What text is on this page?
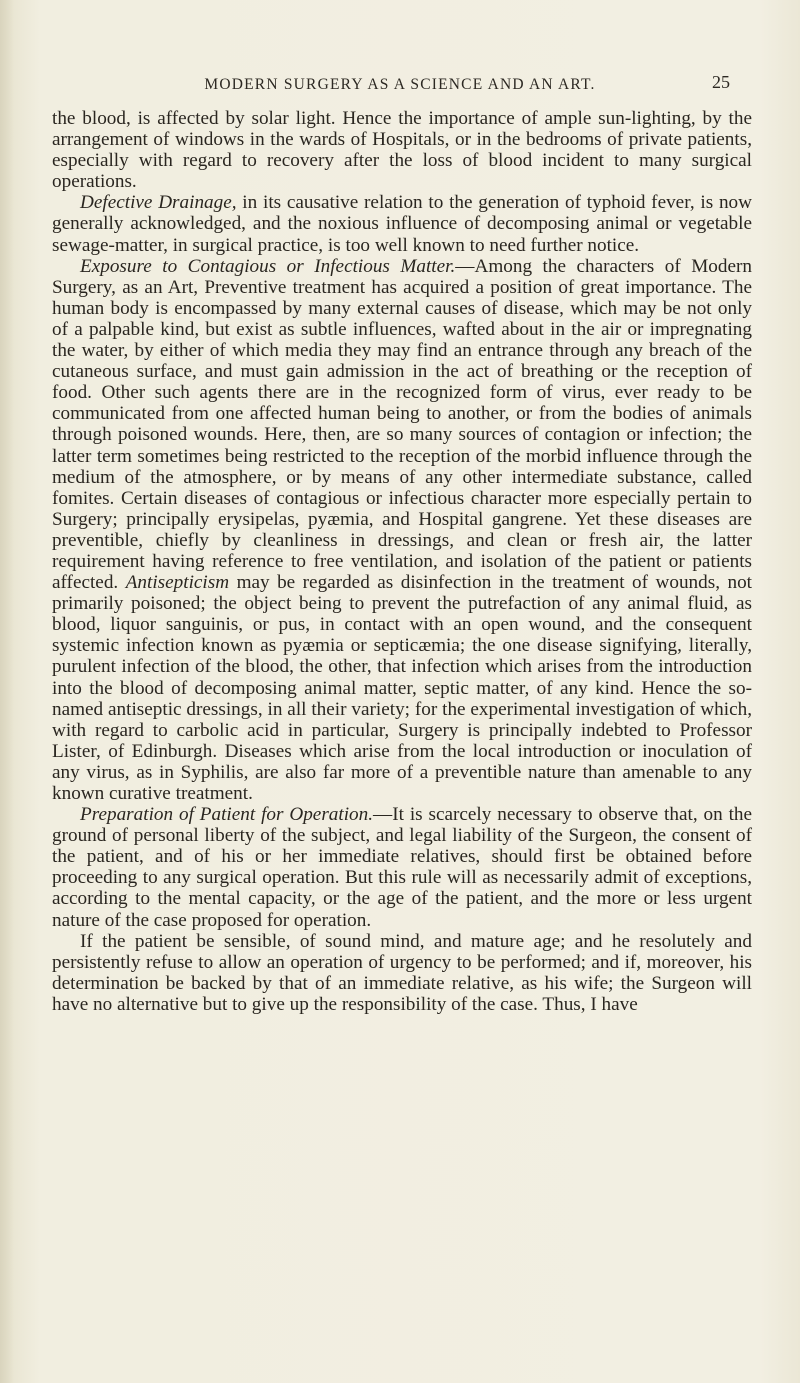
MODERN SURGERY AS A SCIENCE AND AN ART.	25

the blood, is affected by solar light. Hence the importance of ample sun-lighting, by the arrangement of windows in the wards of Hospitals, or in the bedrooms of private patients, especially with regard to recovery after the loss of blood incident to many surgical operations.

Defective Drainage, in its causative relation to the generation of typhoid fever, is now generally acknowledged, and the noxious influence of decomposing animal or vegetable sewage-matter, in surgical practice, is too well known to need further notice.

Exposure to Contagious or Infectious Matter.—Among the characters of Modern Surgery, as an Art, Preventive treatment has acquired a position of great importance. The human body is encompassed by many external causes of disease, which may be not only of a palpable kind, but exist as subtle influences, wafted about in the air or impregnating the water, by either of which media they may find an entrance through any breach of the cutaneous surface, and must gain admission in the act of breathing or the reception of food. Other such agents there are in the recognized form of virus, ever ready to be communicated from one affected human being to another, or from the bodies of animals through poisoned wounds. Here, then, are so many sources of contagion or infection; the latter term sometimes being restricted to the reception of the morbid influence through the medium of the atmosphere, or by means of any other intermediate substance, called fomites. Certain diseases of contagious or infectious character more especially pertain to Surgery; principally erysipelas, pyæmia, and Hospital gangrene. Yet these diseases are preventible, chiefly by cleanliness in dressings, and clean or fresh air, the latter requirement having reference to free ventilation, and isolation of the patient or patients affected. Antisepticism may be regarded as disinfection in the treatment of wounds, not primarily poisoned; the object being to prevent the putrefaction of any animal fluid, as blood, liquor sanguinis, or pus, in contact with an open wound, and the consequent systemic infection known as pyæmia or septicæmia; the one disease signifying, literally, purulent infection of the blood, the other, that infection which arises from the introduction into the blood of decomposing animal matter, septic matter, of any kind. Hence the so-named antiseptic dressings, in all their variety; for the experimental investigation of which, with regard to carbolic acid in particular, Surgery is principally indebted to Professor Lister, of Edinburgh. Diseases which arise from the local introduction or inoculation of any virus, as in Syphilis, are also far more of a preventible nature than amenable to any known curative treatment.

Preparation of Patient for Operation.—It is scarcely necessary to observe that, on the ground of personal liberty of the subject, and legal liability of the Surgeon, the consent of the patient, and of his or her immediate relatives, should first be obtained before proceeding to any surgical operation. But this rule will as necessarily admit of exceptions, according to the mental capacity, or the age of the patient, and the more or less urgent nature of the case proposed for operation.

If the patient be sensible, of sound mind, and mature age; and he resolutely and persistently refuse to allow an operation of urgency to be performed; and if, moreover, his determination be backed by that of an immediate relative, as his wife; the Surgeon will have no alternative but to give up the responsibility of the case. Thus, I have
